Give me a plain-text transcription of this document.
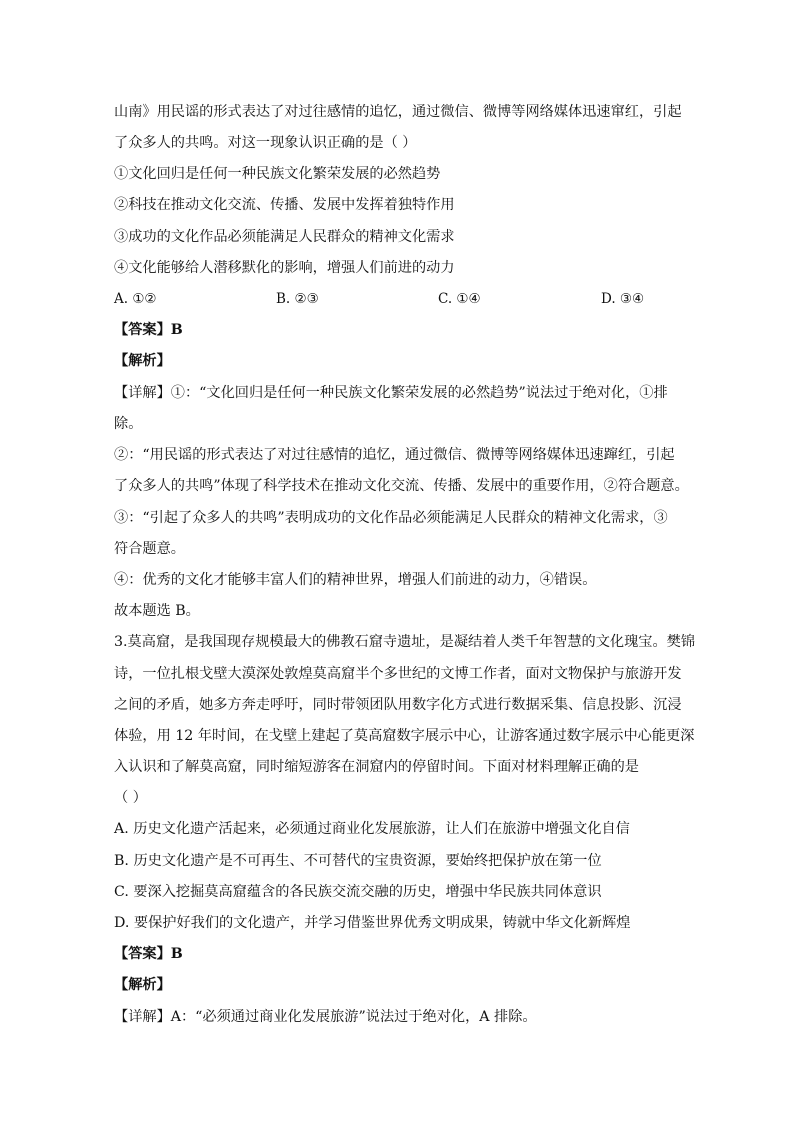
山南》用民谣的形式表达了对过往感情的追忆，通过微信、微博等网络媒体迅速窜红，引起
了众多人的共鸣。对这一现象认识正确的是（ ）
①文化回归是任何一种民族文化繁荣发展的必然趋势
②科技在推动文化交流、传播、发展中发挥着独特作用
③成功的文化作品必须能满足人民群众的精神文化需求
④文化能够给人潜移默化的影响，增强人们前进的动力
A. ①②	B. ②③	C. ①④	D. ③④
【答案】B
【解析】
【详解】①：“文化回归是任何一种民族文化繁荣发展的必然趋势”说法过于绝对化，①排
除。
②：“用民谣的形式表达了对过往感情的追忆，通过微信、微博等网络媒体迅速蹿红，引起
了众多人的共鸣”体现了科学技术在推动文化交流、传播、发展中的重要作用，②符合题意。
③：“引起了众多人的共鸣”表明成功的文化作品必须能满足人民群众的精神文化需求，③
符合题意。
④：优秀的文化才能够丰富人们的精神世界，增强人们前进的动力，④错误。
故本题选 B。
3.莫高窟，是我国现存规模最大的佛教石窟寺遗址，是凝结着人类千年智慧的文化瑰宝。樊锦
诗，一位扎根戈壁大漠深处敦煌莫高窟半个多世纪的文博工作者，面对文物保护与旅游开发
之间的矛盾，她多方奔走呼吁，同时带领团队用数字化方式进行数据采集、信息投影、沉浸
体验，用 12 年时间，在戈壁上建起了莫高窟数字展示中心，让游客通过数字展示中心能更深
入认识和了解莫高窟，同时缩短游客在洞窟内的停留时间。下面对材料理解正确的是
（ ）
A. 历史文化遗产活起来，必须通过商业化发展旅游，让人们在旅游中增强文化自信
B. 历史文化遗产是不可再生、不可替代的宝贵资源，要始终把保护放在第一位
C. 要深入挖掘莫高窟蕴含的各民族交流交融的历史，增强中华民族共同体意识
D. 要保护好我们的文化遗产，并学习借鉴世界优秀文明成果，铸就中华文化新辉煌
【答案】B
【解析】
【详解】A：“必须通过商业化发展旅游”说法过于绝对化，A 排除。
